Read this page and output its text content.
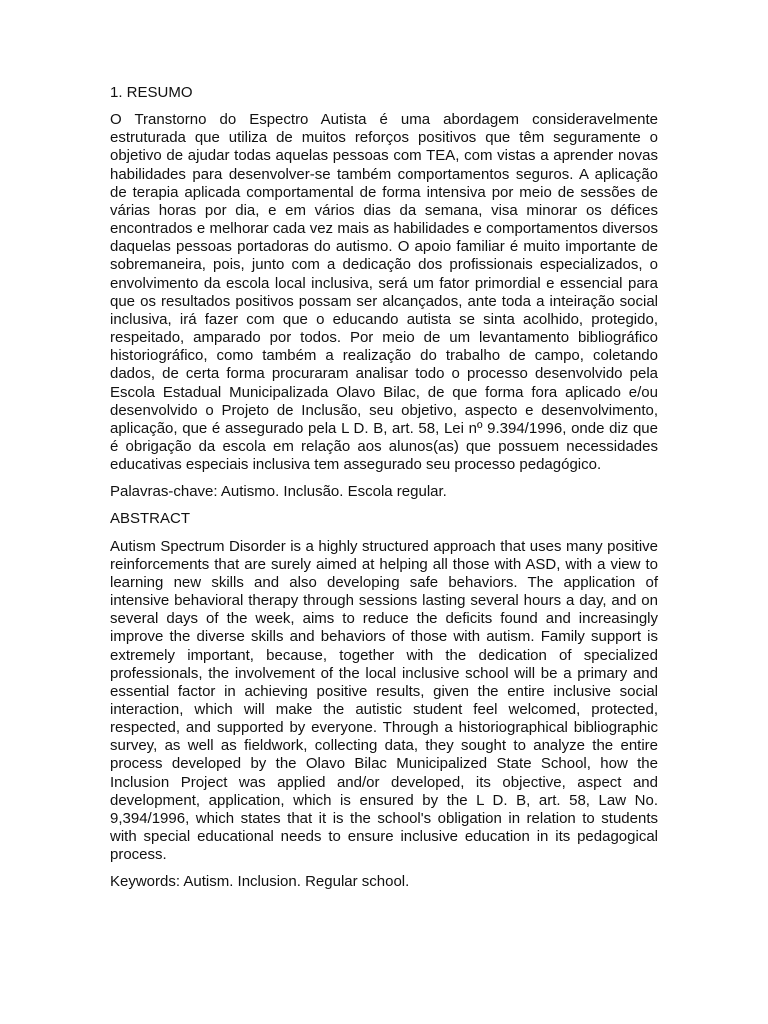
1. RESUMO

O Transtorno do Espectro Autista é uma abordagem consideravelmente estruturada que utiliza de muitos reforços positivos que têm seguramente o objetivo de ajudar todas aquelas pessoas com TEA, com vistas a aprender novas habilidades para desenvolver-se também comportamentos seguros. A aplicação de terapia aplicada comportamental de forma intensiva por meio de sessões de várias horas por dia, e em vários dias da semana, visa minorar os défices encontrados e melhorar cada vez mais as habilidades e comportamentos diversos daquelas pessoas portadoras do autismo. O apoio familiar é muito importante de sobremaneira, pois, junto com a dedicação dos profissionais especializados, o envolvimento da escola local inclusiva, será um fator primordial e essencial para que os resultados positivos possam ser alcançados, ante toda a inteiração social inclusiva, irá fazer com que o educando autista se sinta acolhido, protegido, respeitado, amparado por todos. Por meio de um levantamento bibliográfico historiográfico, como também a realização do trabalho de campo, coletando dados, de certa forma procuraram analisar todo o processo desenvolvido pela Escola Estadual Municipalizada Olavo Bilac, de que forma fora aplicado e/ou desenvolvido o Projeto de Inclusão, seu objetivo, aspecto e desenvolvimento, aplicação, que é assegurado pela L D. B, art. 58, Lei nº 9.394/1996, onde diz que é obrigação da escola em relação aos alunos(as) que possuem necessidades educativas especiais inclusiva tem assegurado seu processo pedagógico.

Palavras-chave: Autismo. Inclusão. Escola regular.

ABSTRACT

Autism Spectrum Disorder is a highly structured approach that uses many positive reinforcements that are surely aimed at helping all those with ASD, with a view to learning new skills and also developing safe behaviors. The application of intensive behavioral therapy through sessions lasting several hours a day, and on several days of the week, aims to reduce the deficits found and increasingly improve the diverse skills and behaviors of those with autism. Family support is extremely important, because, together with the dedication of specialized professionals, the involvement of the local inclusive school will be a primary and essential factor in achieving positive results, given the entire inclusive social interaction, which will make the autistic student feel welcomed, protected, respected, and supported by everyone. Through a historiographical bibliographic survey, as well as fieldwork, collecting data, they sought to analyze the entire process developed by the Olavo Bilac Municipalized State School, how the Inclusion Project was applied and/or developed, its objective, aspect and development, application, which is ensured by the L D. B, art. 58, Law No. 9,394/1996, which states that it is the school's obligation in relation to students with special educational needs to ensure inclusive education in its pedagogical process.

Keywords: Autism. Inclusion. Regular school.
